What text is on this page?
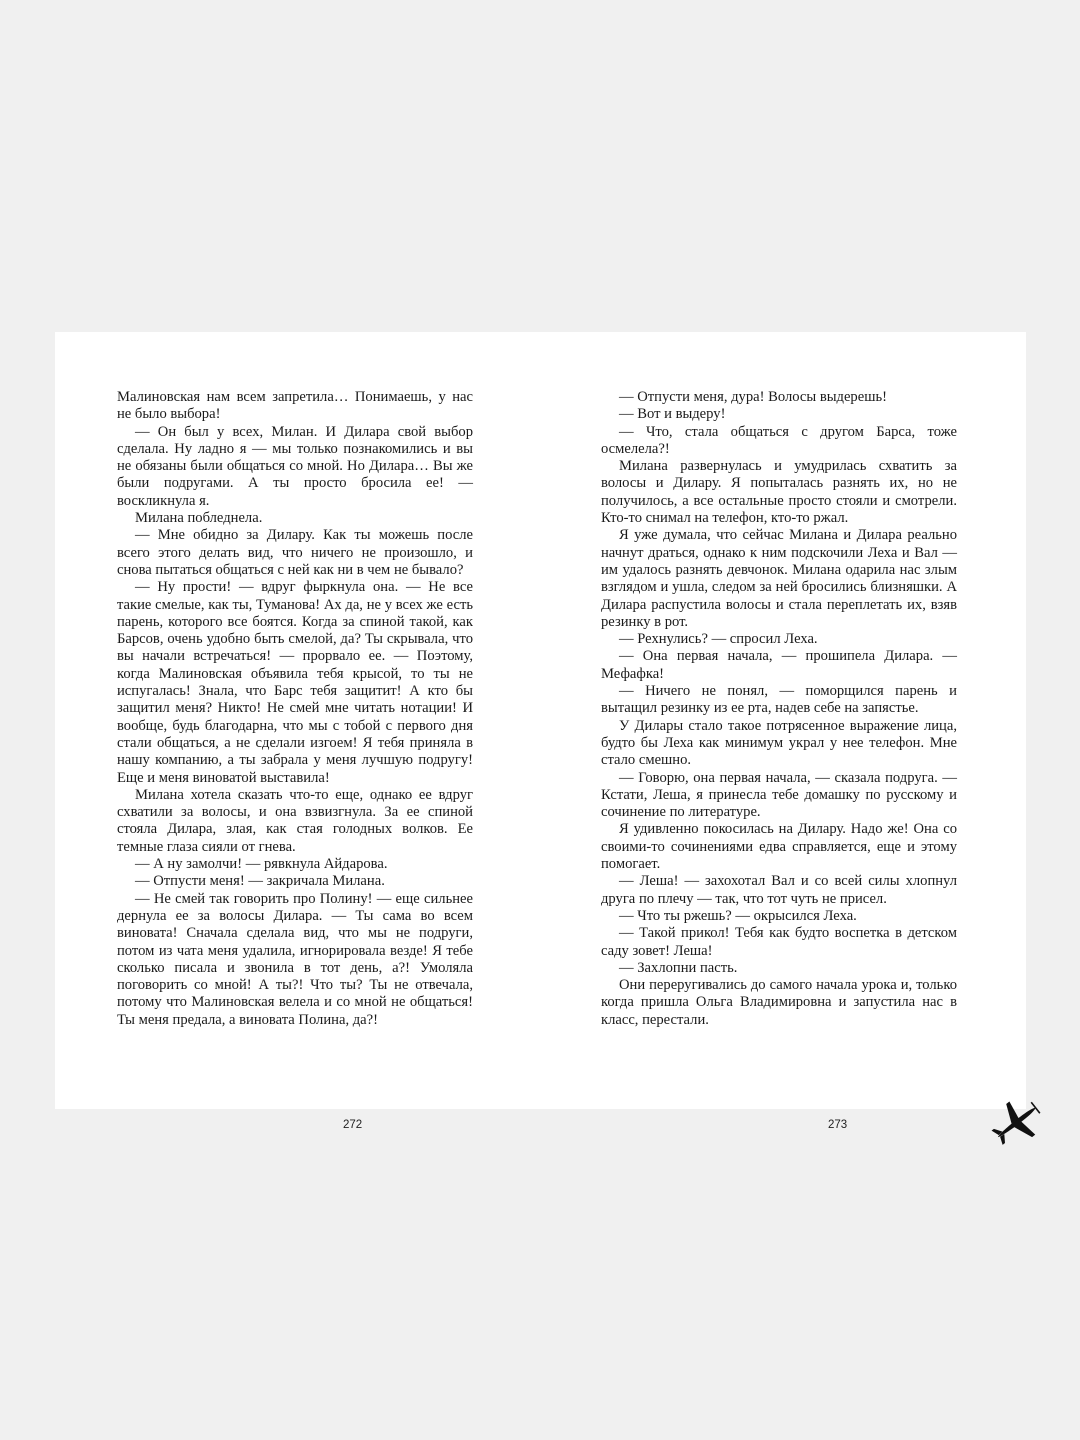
Малиновская нам всем запретила… Понимаешь, у нас не было выбора!

— Он был у всех, Милан. И Дилара свой выбор сделала. Ну ладно я — мы только познакомились и вы не обязаны были общаться со мной. Но Дилара… Вы же были подругами. А ты просто бросила ее! — воскликнула я.

Милана побледнела.

— Мне обидно за Дилару. Как ты можешь после всего этого делать вид, что ничего не произошло, и снова пытаться общаться с ней как ни в чем не бывало?

— Ну прости! — вдруг фыркнула она. — Не все такие смелые, как ты, Туманова! Ах да, не у всех же есть парень, которого все боятся. Когда за спиной такой, как Барсов, очень удобно быть смелой, да? Ты скрывала, что вы начали встречаться! — прорвало ее. — Поэтому, когда Малиновская объявила тебя крысой, то ты не испугалась! Знала, что Барс тебя защитит! А кто бы защитил меня? Никто! Не смей мне читать нотации! И вообще, будь благодарна, что мы с тобой с первого дня стали общаться, а не сделали изгоем! Я тебя приняла в нашу компанию, а ты забрала у меня лучшую подругу! Еще и меня виноватой выставила!

Милана хотела сказать что-то еще, однако ее вдруг схватили за волосы, и она взвизгнула. За ее спиной стояла Дилара, злая, как стая голодных волков. Ее темные глаза сияли от гнева.

— А ну замолчи! — рявкнула Айдарова.

— Отпусти меня! — закричала Милана.

— Не смей так говорить про Полину! — еще сильнее дернула ее за волосы Дилара. — Ты сама во всем виновата! Сначала сделала вид, что мы не подруги, потом из чата меня удалила, игнорировала везде! Я тебе сколько писала и звонила в тот день, а?! Умоляла поговорить со мной! А ты?! Что ты? Ты не отвечала, потому что Малиновская велела и со мной не общаться! Ты меня предала, а виновата Полина, да?!

— Отпусти меня, дура! Волосы выдерешь!

— Вот и выдеру!

— Что, стала общаться с другом Барса, тоже осмелела?!

Милана развернулась и умудрилась схватить за волосы и Дилару. Я попыталась разнять их, но не получилось, а все остальные просто стояли и смотрели. Кто-то снимал на телефон, кто-то ржал.

Я уже думала, что сейчас Милана и Дилара реально начнут драться, однако к ним подскочили Леха и Вал — им удалось разнять девчонок. Милана одарила нас злым взглядом и ушла, следом за ней бросились близняшки. А Дилара распустила волосы и стала переплетать их, взяв резинку в рот.

— Рехнулись? — спросил Леха.

— Она первая начала, — прошипела Дилара. — Мефафка!

— Ничего не понял, — поморщился парень и вытащил резинку из ее рта, надев себе на запястье.

У Дилары стало такое потрясенное выражение лица, будто бы Леха как минимум украл у нее телефон. Мне стало смешно.

— Говорю, она первая начала, — сказала подруга. — Кстати, Леша, я принесла тебе домашку по русскому и сочинение по литературе.

Я удивленно покосилась на Дилару. Надо же! Она со своими-то сочинениями едва справляется, еще и этому помогает.

— Леша! — захохотал Вал и со всей силы хлопнул друга по плечу — так, что тот чуть не присел.

— Что ты ржешь? — окрысился Леха.

— Такой прикол! Тебя как будто воспетка в детском саду зовет! Леша!

— Захлопни пасть.

Они переругивались до самого начала урока и, только когда пришла Ольга Владимировна и запустила нас в класс, перестали.

272	273
